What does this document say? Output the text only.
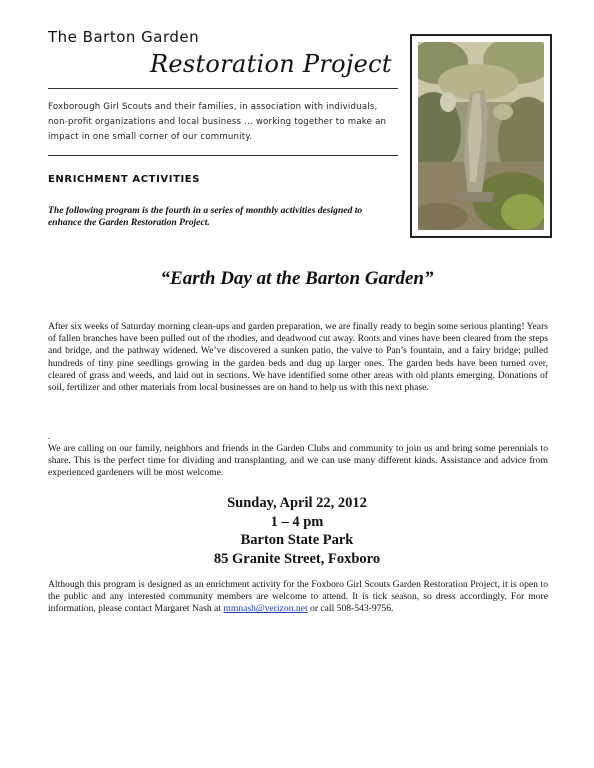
The Barton Garden
Restoration Project
Foxborough Girl Scouts and their families, in association with individuals, non-profit organizations and local business … working together to make an impact in one small corner of our community.
ENRICHMENT ACTIVITIES
The following program is the fourth in a series of monthly activities designed to enhance the Garden Restoration Project.
“Earth Day at the Barton Garden”
After six weeks of Saturday morning clean-ups and garden preparation, we are finally ready to begin some serious planting! Years of fallen branches have been pulled out of the rhodies, and deadwood cut away. Roots and vines have been cleared from the steps and bridge, and the pathway widened. We’ve discovered a sunken patio, the valve to Pan’s fountain, and a fairy bridge; pulled hundreds of tiny pine seedlings growing in the garden beds and dug up larger ones. The garden beds have been turned over, cleared of grass and weeds, and laid out in sections. We have identified some other areas with old plants emerging. Donations of soil, fertilizer and other materials from local businesses are on hand to help us with this next phase.
.
We are calling on our family, neighbors and friends in the Garden Clubs and community to join us and bring some perennials to share. This is the perfect time for dividing and transplanting, and we can use many different kinds. Assistance and advice from experienced gardeners will be most welcome.
Sunday, April 22, 2012
1 – 4 pm
Barton State Park
85 Granite Street, Foxboro
Although this program is designed as an enrichment activity for the Foxboro Girl Scouts Garden Restoration Project, it is open to the public and any interested community members are welcome to attend. It is tick season, so dress accordingly. For more information, please contact Margaret Nash at mmnash@verizon.net or call 508-543-9756.
